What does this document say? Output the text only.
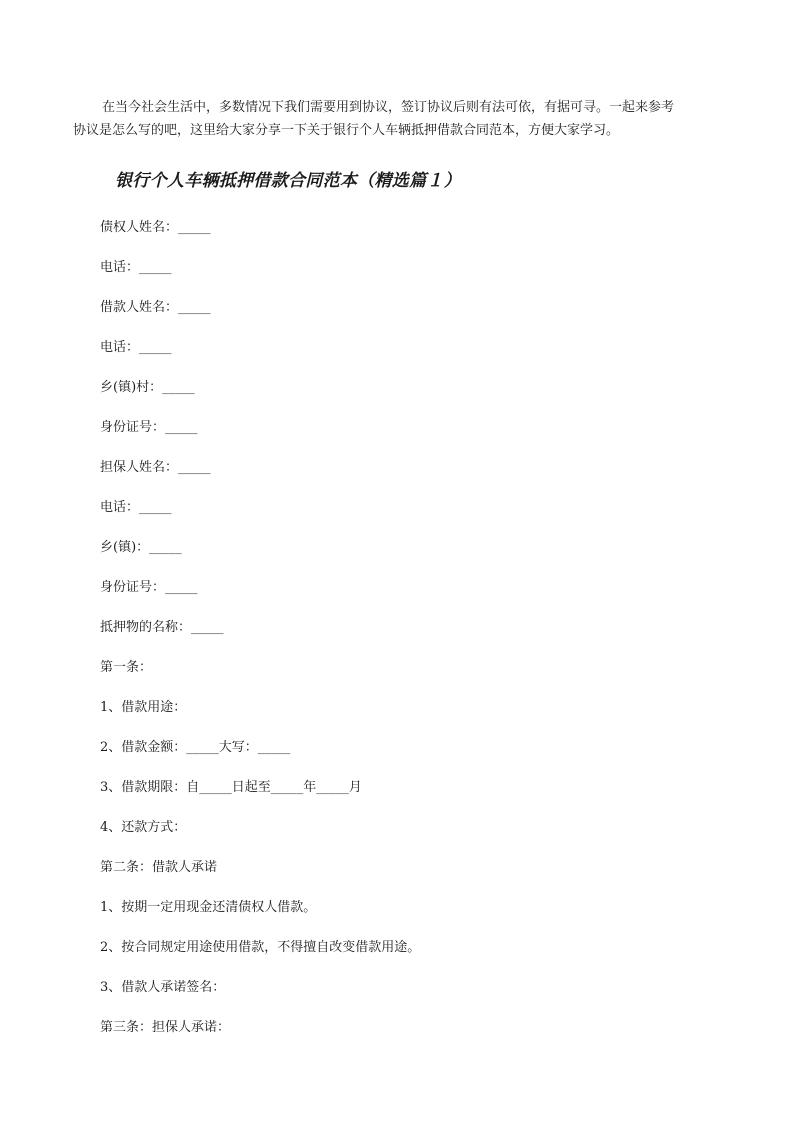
在当今社会生活中，多数情况下我们需要用到协议，签订协议后则有法可依，有据可寻。一起来参考
协议是怎么写的吧，这里给大家分享一下关于银行个人车辆抵押借款合同范本，方便大家学习。

银行个人车辆抵押借款合同范本（精选篇１）
债权人姓名：_____
电话：_____
借款人姓名：_____
电话：_____
乡(镇)村：_____
身份证号：_____
担保人姓名：_____
电话：_____
乡(镇)：_____
身份证号：_____
抵押物的名称：_____
第一条：
1、借款用途：
2、借款金额：_____大写：_____
3、借款期限：自_____日起至_____年_____月
4、还款方式：
第二条：借款人承诺
1、按期一定用现金还清债权人借款。
2、按合同规定用途使用借款，不得擅自改变借款用途。
3、借款人承诺签名：
第三条：担保人承诺：
